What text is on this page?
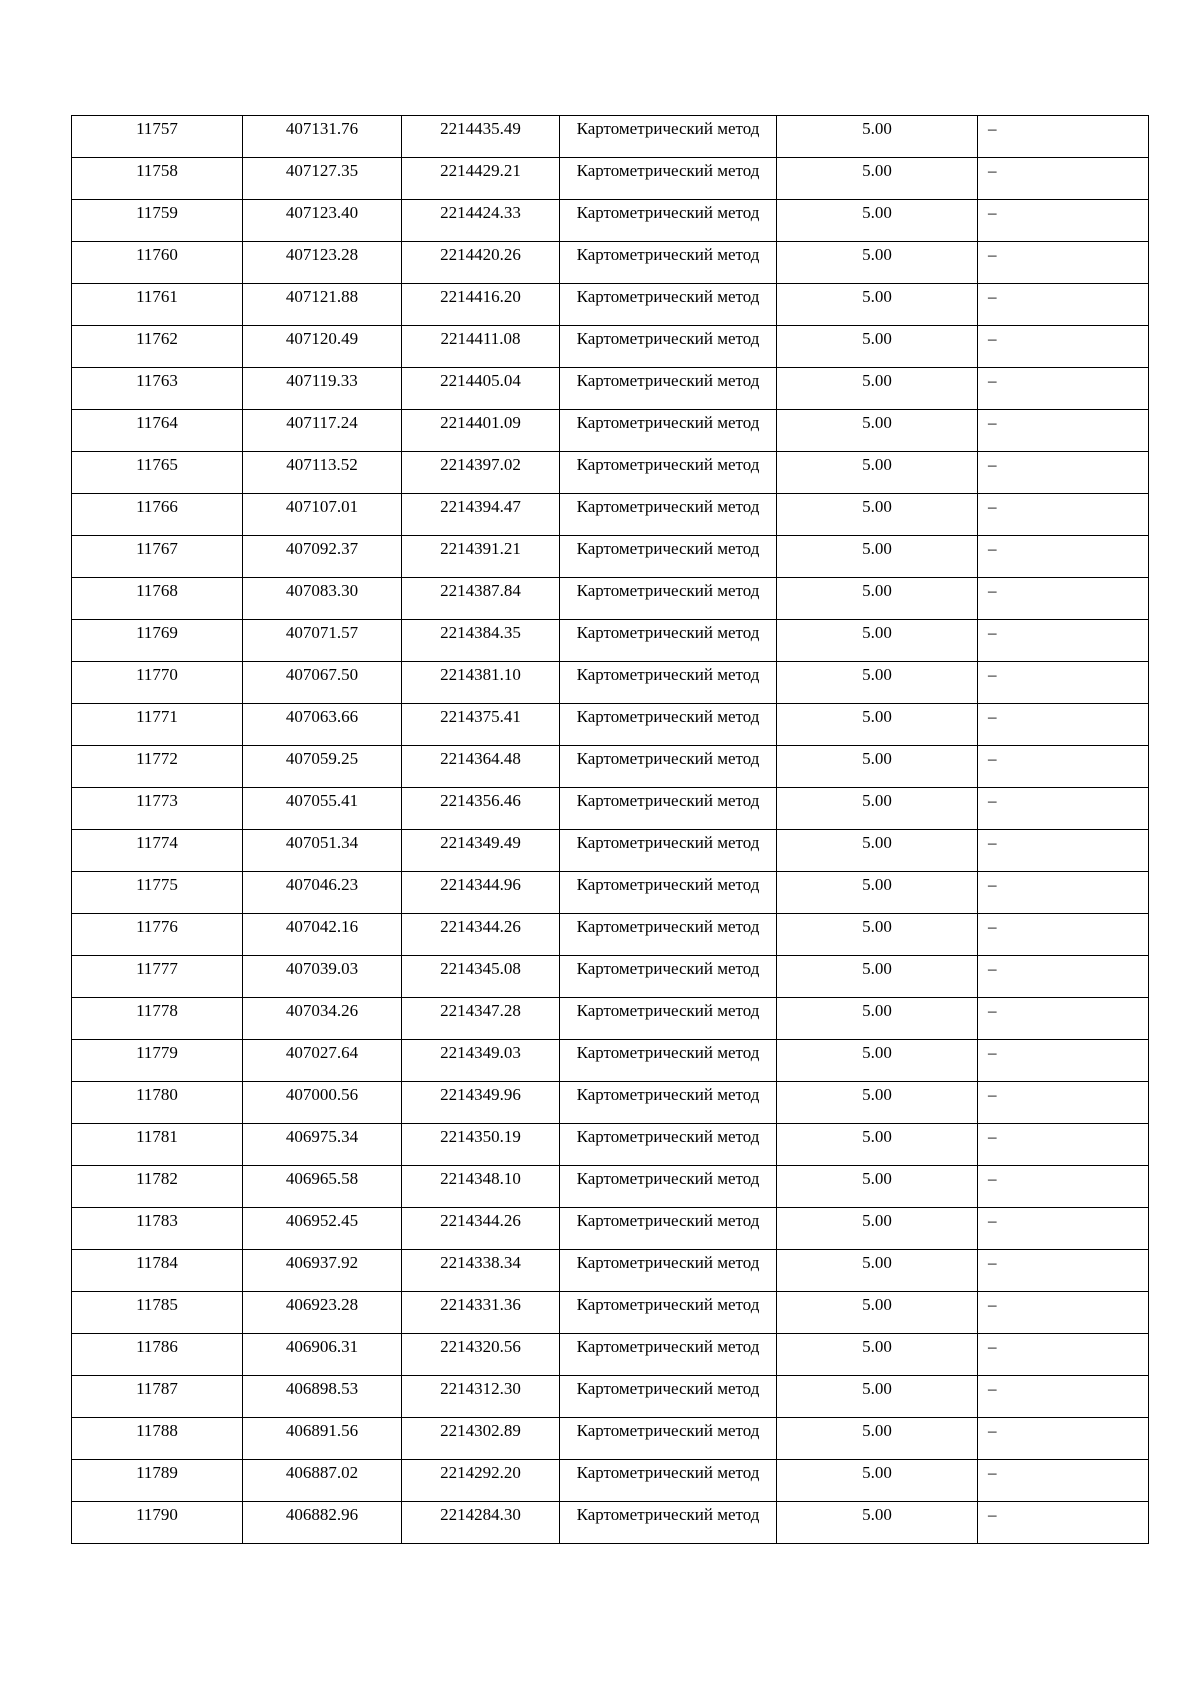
11757	407131.76	2214435.49	Картометрический метод	5.00	–

11758	407127.35	2214429.21	Картометрический метод	5.00	–

11759	407123.40	2214424.33	Картометрический метод	5.00	–

11760	407123.28	2214420.26	Картометрический метод	5.00	–

11761	407121.88	2214416.20	Картометрический метод	5.00	–

11762	407120.49	2214411.08	Картометрический метод	5.00	–

11763	407119.33	2214405.04	Картометрический метод	5.00	–

11764	407117.24	2214401.09	Картометрический метод	5.00	–

11765	407113.52	2214397.02	Картометрический метод	5.00	–

11766	407107.01	2214394.47	Картометрический метод	5.00	–

11767	407092.37	2214391.21	Картометрический метод	5.00	–

11768	407083.30	2214387.84	Картометрический метод	5.00	–

11769	407071.57	2214384.35	Картометрический метод	5.00	–

11770	407067.50	2214381.10	Картометрический метод	5.00	–

11771	407063.66	2214375.41	Картометрический метод	5.00	–

11772	407059.25	2214364.48	Картометрический метод	5.00	–

11773	407055.41	2214356.46	Картометрический метод	5.00	–

11774	407051.34	2214349.49	Картометрический метод	5.00	–

11775	407046.23	2214344.96	Картометрический метод	5.00	–

11776	407042.16	2214344.26	Картометрический метод	5.00	–

11777	407039.03	2214345.08	Картометрический метод	5.00	–

11778	407034.26	2214347.28	Картометрический метод	5.00	–

11779	407027.64	2214349.03	Картометрический метод	5.00	–

11780	407000.56	2214349.96	Картометрический метод	5.00	–

11781	406975.34	2214350.19	Картометрический метод	5.00	–

11782	406965.58	2214348.10	Картометрический метод	5.00	–

11783	406952.45	2214344.26	Картометрический метод	5.00	–

11784	406937.92	2214338.34	Картометрический метод	5.00	–

11785	406923.28	2214331.36	Картометрический метод	5.00	–

11786	406906.31	2214320.56	Картометрический метод	5.00	–

11787	406898.53	2214312.30	Картометрический метод	5.00	–

11788	406891.56	2214302.89	Картометрический метод	5.00	–

11789	406887.02	2214292.20	Картометрический метод	5.00	–

11790	406882.96	2214284.30	Картометрический метод	5.00	–
